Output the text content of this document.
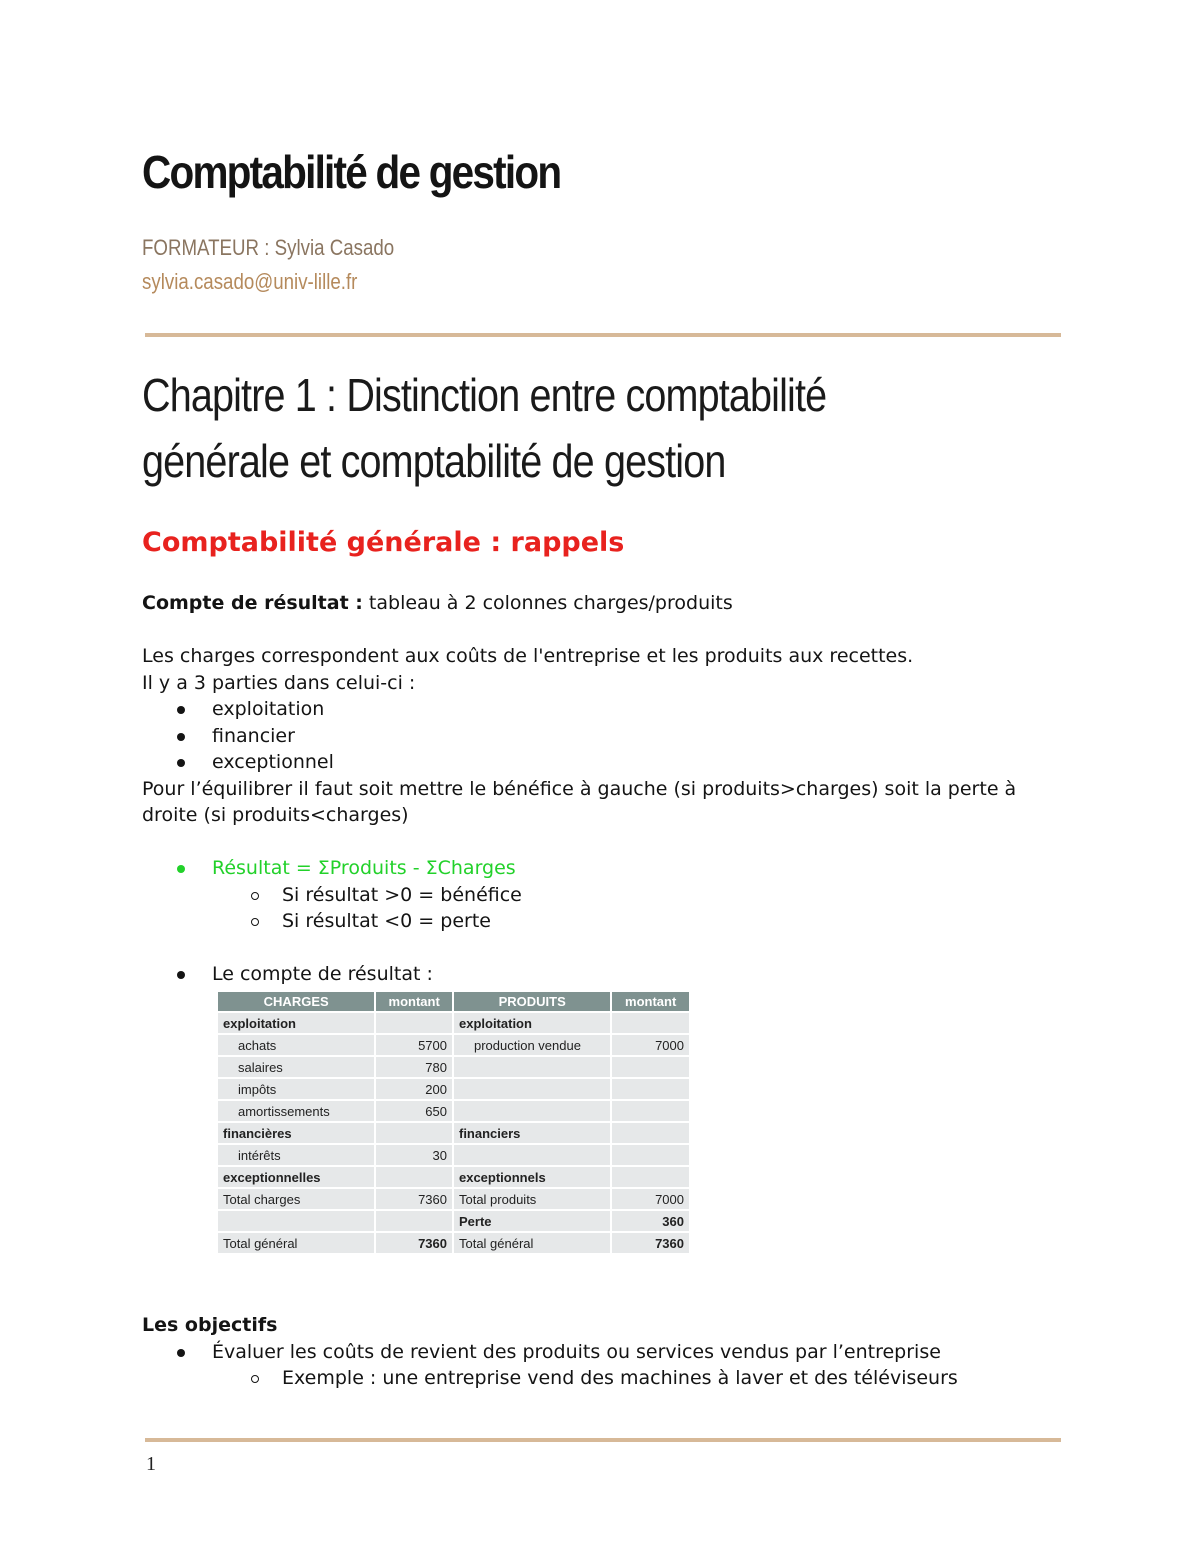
Comptabilité de gestion
FORMATEUR : Sylvia Casado
sylvia.casado@univ-lille.fr
Chapitre 1 : Distinction entre comptabilité
générale et comptabilité de gestion
Comptabilité générale : rappels

Compte de résultat : tableau à 2 colonnes charges/produits

Les charges correspondent aux coûts de l'entreprise et les produits aux recettes.

Il y a 3 parties dans celui-ci :

exploitation
financier
exceptionnel

Pour l’équilibrer il faut soit mettre le bénéfice à gauche (si produits>charges) soit la perte à droite (si produits<charges)

Résultat = ΣProduits - ΣCharges
Si résultat >0 = bénéfice
Si résultat <0 = perte
Le compte de résultat :
CHARGES	montant	PRODUITS	montant
exploitation		exploitation	
achats	5700	production vendue	7000
salaires	780		
impôts	200		
amortissements	650		
financières		financiers	
intérêts	30		
exceptionnelles		exceptionnels	
Total charges	7360	Total produits	7000
		Perte	360
Total général	7360	Total général	7360

Les objectifs

Évaluer les coûts de revient des produits ou services vendus par l’entreprise
Exemple : une entreprise vend des machines à laver et des téléviseurs
1
